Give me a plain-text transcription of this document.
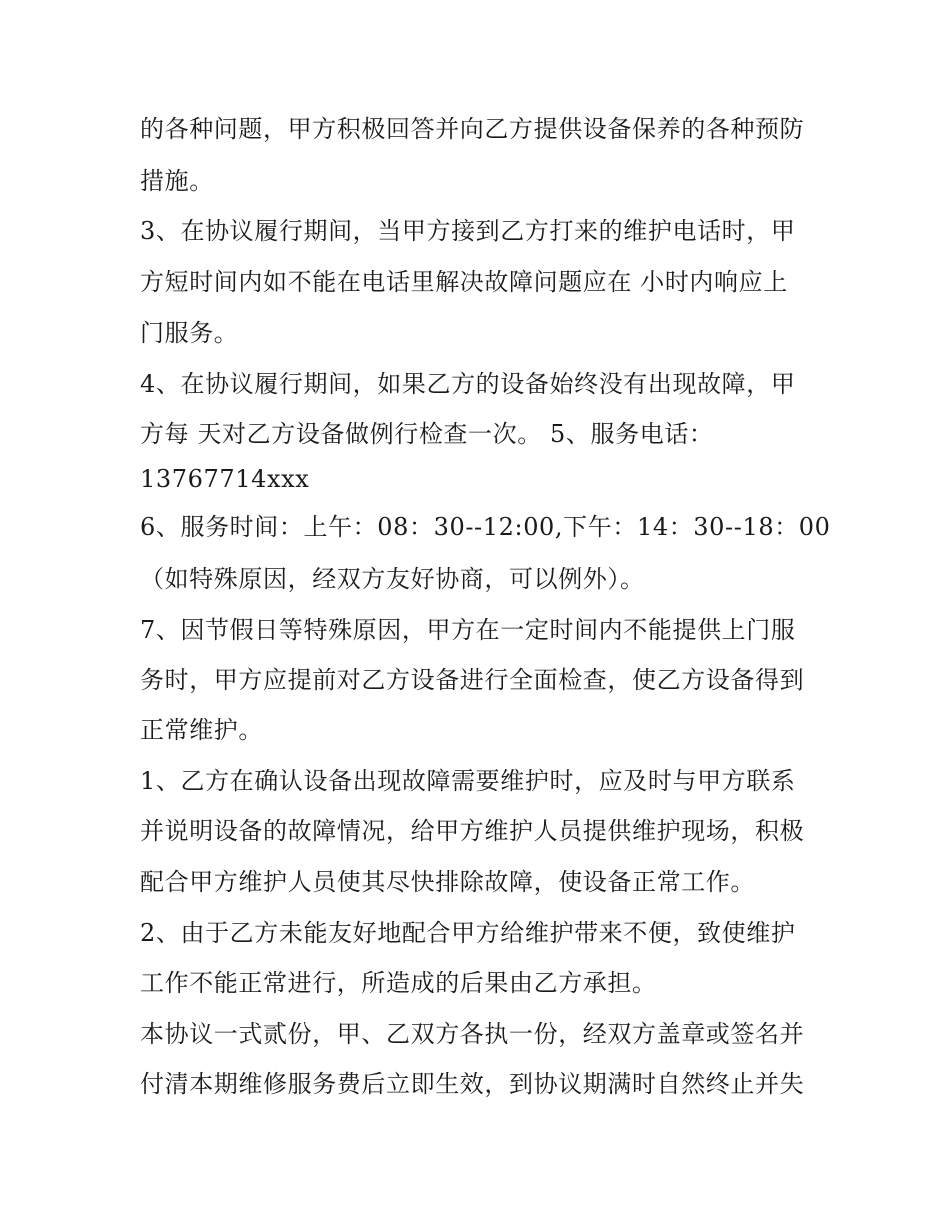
的各种问题，甲方积极回答并向乙方提供设备保养的各种预防
措施。
3、在协议履行期间，当甲方接到乙方打来的维护电话时，甲
方短时间内如不能在电话里解决故障问题应在 小时内响应上
门服务。
4、在协议履行期间，如果乙方的设备始终没有出现故障，甲
方每 天对乙方设备做例行检查一次。 5、服务电话：
13767714xxx
6、服务时间：上午：08：30--12:00,下午：14：30--18：00
（如特殊原因，经双方友好协商，可以例外）。
7、因节假日等特殊原因，甲方在一定时间内不能提供上门服
务时，甲方应提前对乙方设备进行全面检查，使乙方设备得到
正常维护。
1、乙方在确认设备出现故障需要维护时，应及时与甲方联系
并说明设备的故障情况，给甲方维护人员提供维护现场，积极
配合甲方维护人员使其尽快排除故障，使设备正常工作。
2、由于乙方未能友好地配合甲方给维护带来不便，致使维护
工作不能正常进行，所造成的后果由乙方承担。
本协议一式贰份，甲、乙双方各执一份，经双方盖章或签名并
付清本期维修服务费后立即生效，到协议期满时自然终止并失
